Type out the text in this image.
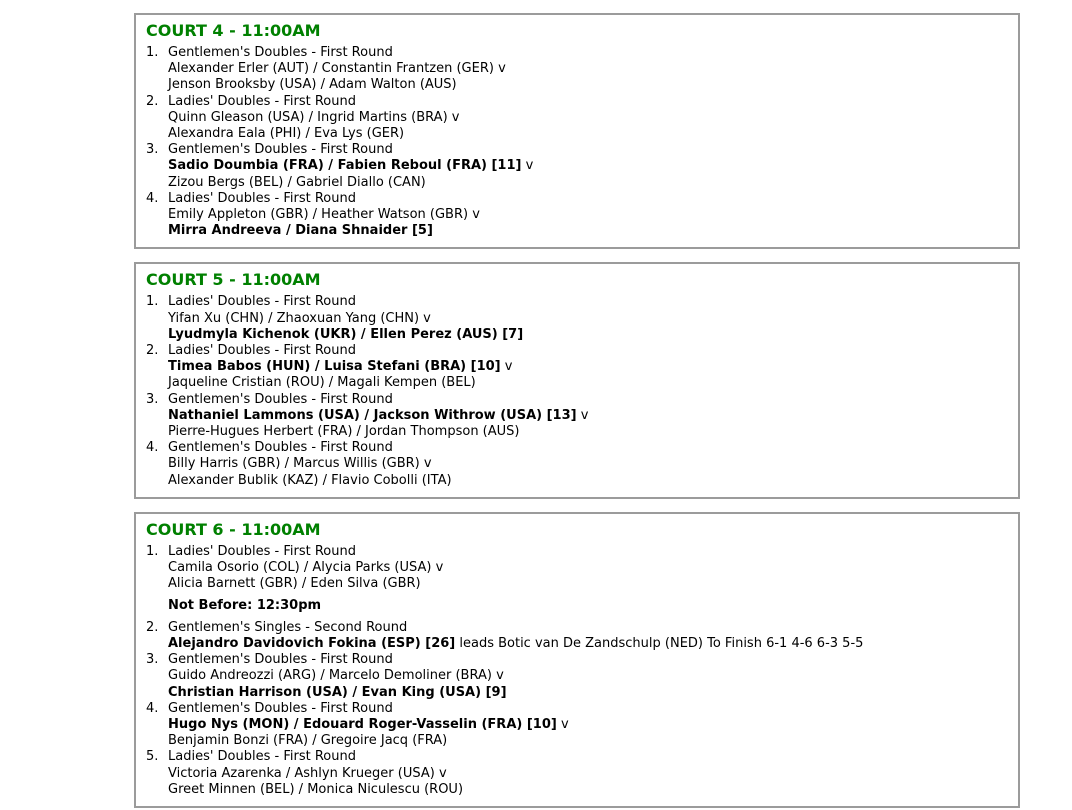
COURT 4 - 11:00AM
1. Gentlemen's Doubles - First Round
Alexander Erler (AUT) / Constantin Frantzen (GER) v
Jenson Brooksby (USA) / Adam Walton (AUS)
2. Ladies' Doubles - First Round
Quinn Gleason (USA) / Ingrid Martins (BRA) v
Alexandra Eala (PHI) / Eva Lys (GER)
3. Gentlemen's Doubles - First Round
Sadio Doumbia (FRA) / Fabien Reboul (FRA) [11] v
Zizou Bergs (BEL) / Gabriel Diallo (CAN)
4. Ladies' Doubles - First Round
Emily Appleton (GBR) / Heather Watson (GBR) v
Mirra Andreeva / Diana Shnaider [5]
COURT 5 - 11:00AM
1. Ladies' Doubles - First Round
Yifan Xu (CHN) / Zhaoxuan Yang (CHN) v
Lyudmyla Kichenok (UKR) / Ellen Perez (AUS) [7]
2. Ladies' Doubles - First Round
Timea Babos (HUN) / Luisa Stefani (BRA) [10] v
Jaqueline Cristian (ROU) / Magali Kempen (BEL)
3. Gentlemen's Doubles - First Round
Nathaniel Lammons (USA) / Jackson Withrow (USA) [13] v
Pierre-Hugues Herbert (FRA) / Jordan Thompson (AUS)
4. Gentlemen's Doubles - First Round
Billy Harris (GBR) / Marcus Willis (GBR) v
Alexander Bublik (KAZ) / Flavio Cobolli (ITA)
COURT 6 - 11:00AM
1. Ladies' Doubles - First Round
Camila Osorio (COL) / Alycia Parks (USA) v
Alicia Barnett (GBR) / Eden Silva (GBR)
Not Before: 12:30pm
2. Gentlemen's Singles - Second Round
Alejandro Davidovich Fokina (ESP) [26] leads Botic van De Zandschulp (NED) To Finish 6-1 4-6 6-3 5-5
3. Gentlemen's Doubles - First Round
Guido Andreozzi (ARG) / Marcelo Demoliner (BRA) v
Christian Harrison (USA) / Evan King (USA) [9]
4. Gentlemen's Doubles - First Round
Hugo Nys (MON) / Edouard Roger-Vasselin (FRA) [10] v
Benjamin Bonzi (FRA) / Gregoire Jacq (FRA)
5. Ladies' Doubles - First Round
Victoria Azarenka / Ashlyn Krueger (USA) v
Greet Minnen (BEL) / Monica Niculescu (ROU)
